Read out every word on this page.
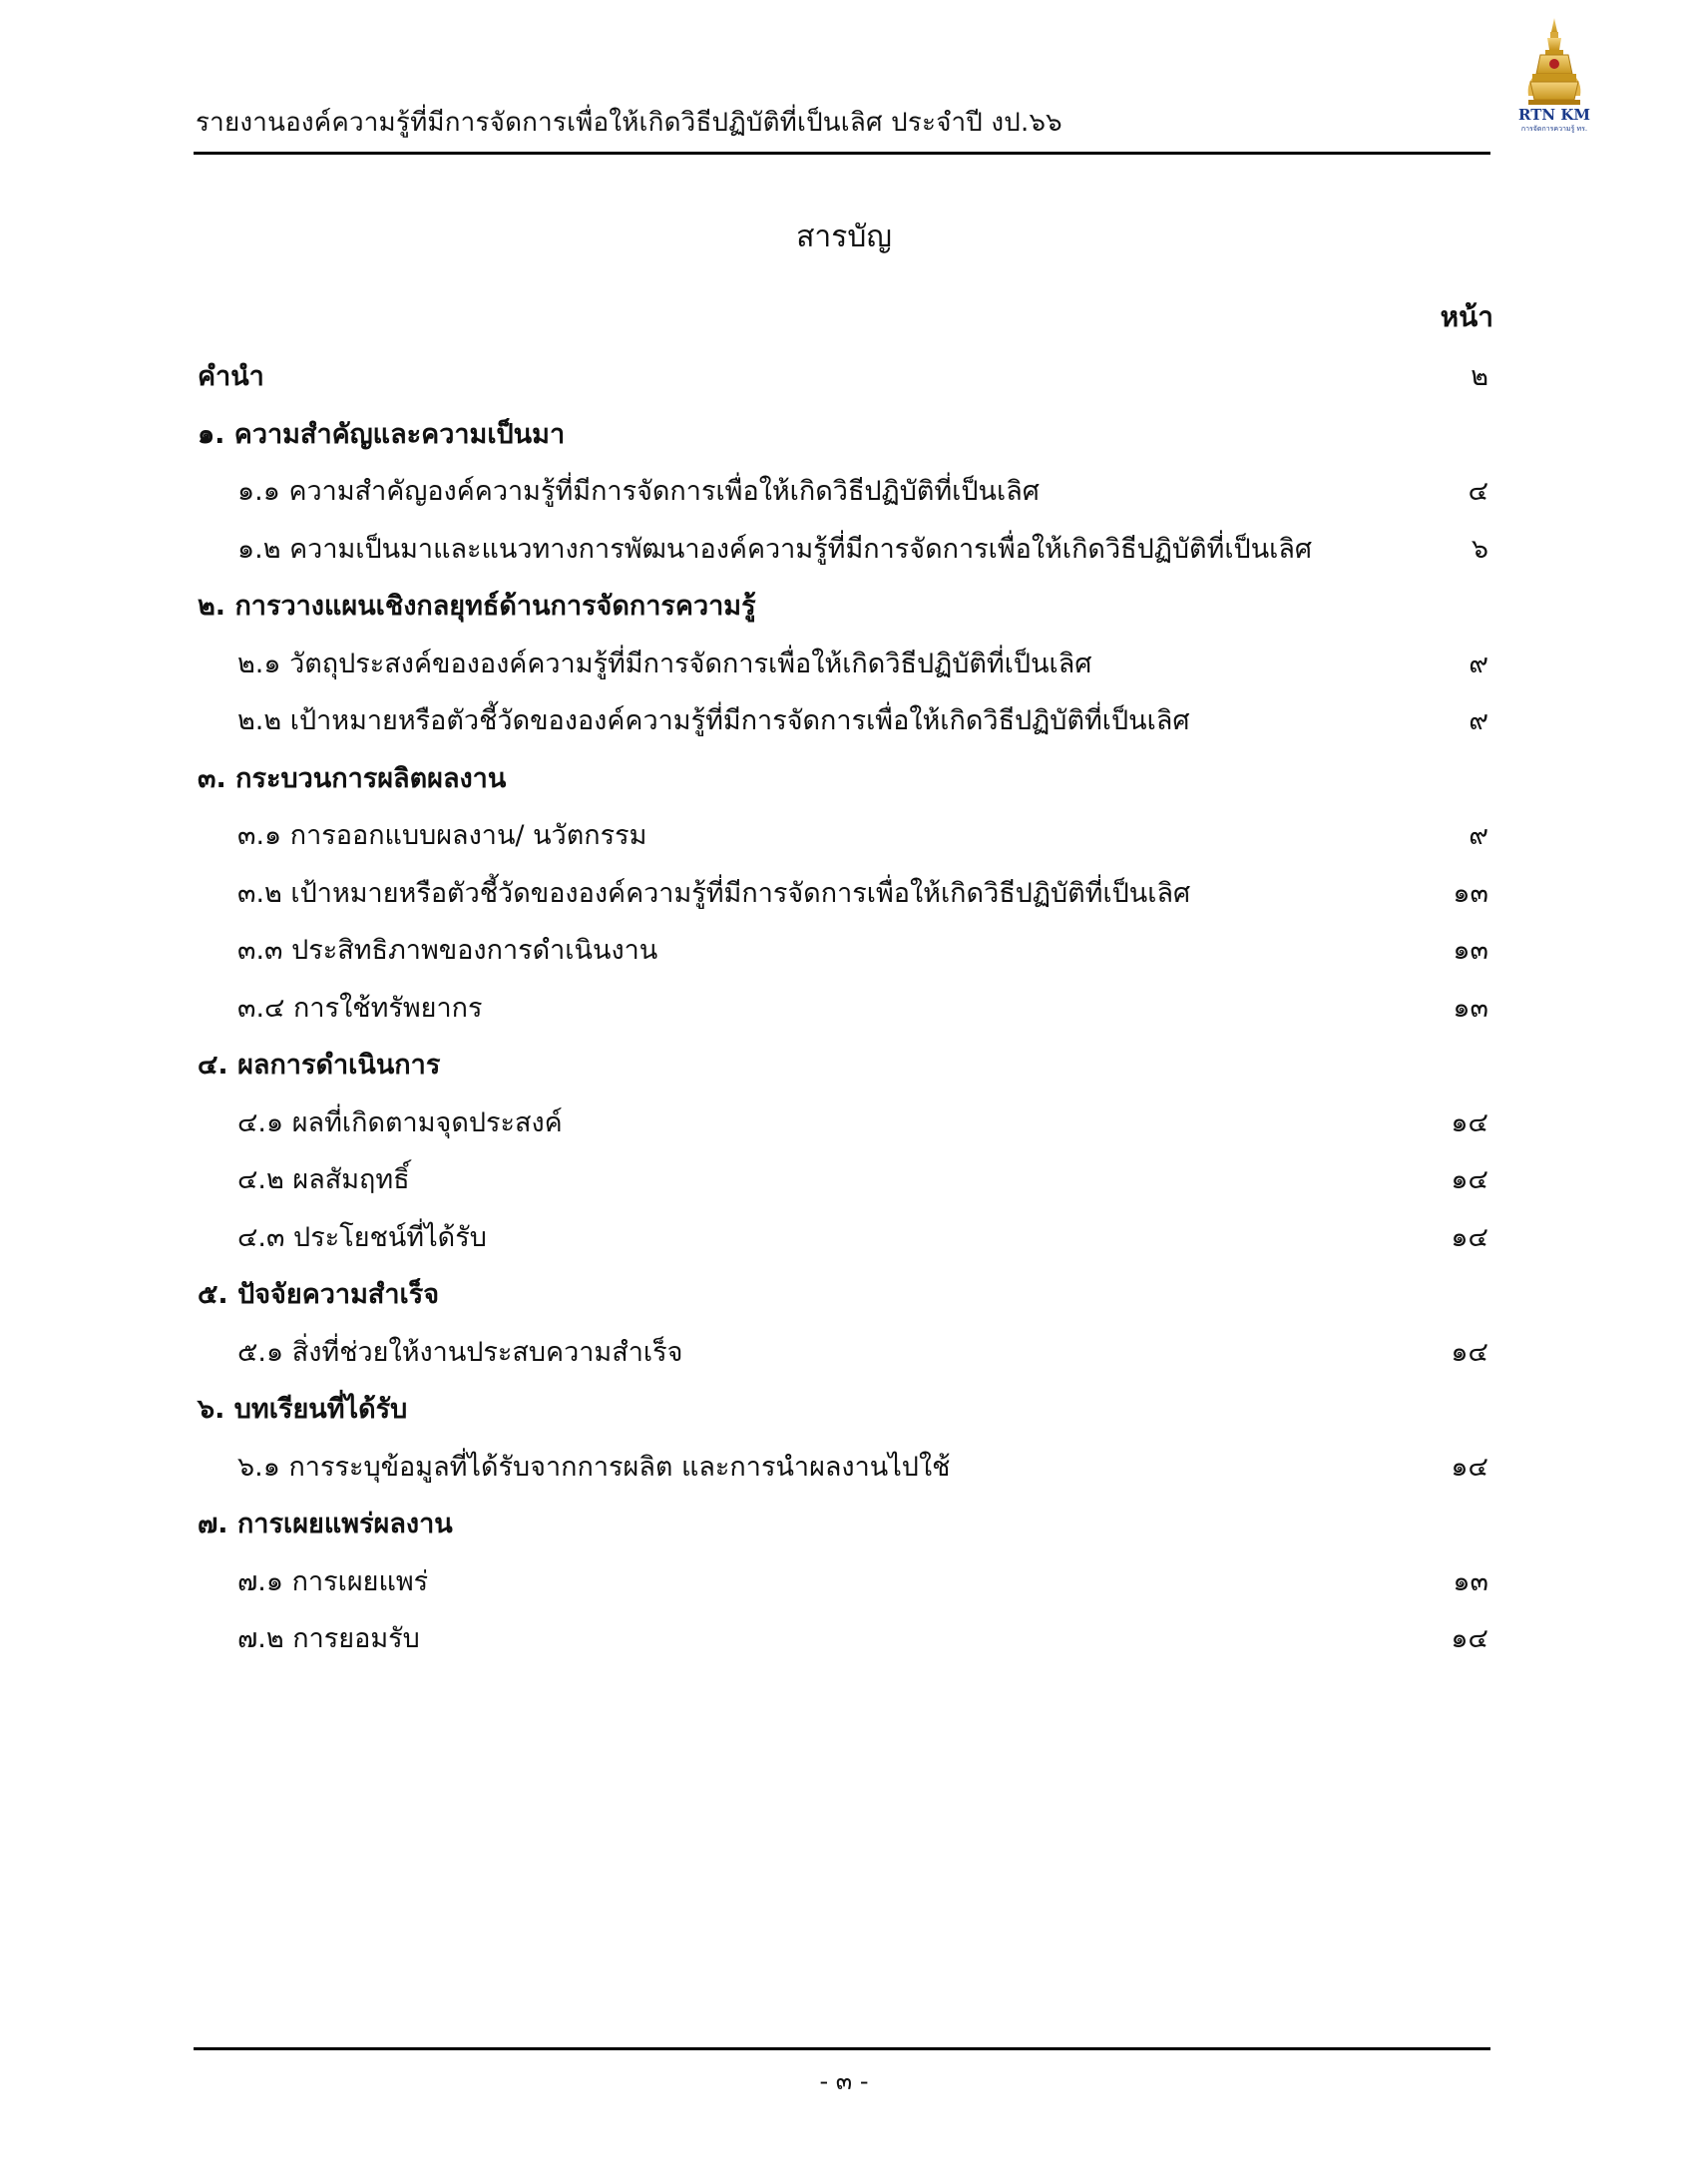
รายงานองค์ความรู้ที่มีการจัดการเพื่อให้เกิดวิธีปฏิบัติที่เป็นเลิศ ประจำปี งป.๖๖	RTN KM
การจัดการความรู้ ทร.
สารบัญ
หน้า
คำนำ	๒
๑. ความสำคัญและความเป็นมา
๑.๑ ความสำคัญองค์ความรู้ที่มีการจัดการเพื่อให้เกิดวิธีปฏิบัติที่เป็นเลิศ	๔
๑.๒ ความเป็นมาและแนวทางการพัฒนาองค์ความรู้ที่มีการจัดการเพื่อให้เกิดวิธีปฏิบัติที่เป็นเลิศ	๖
๒. การวางแผนเชิงกลยุทธ์ด้านการจัดการความรู้
๒.๑ วัตถุประสงค์ขององค์ความรู้ที่มีการจัดการเพื่อให้เกิดวิธีปฏิบัติที่เป็นเลิศ	๙
๒.๒ เป้าหมายหรือตัวชี้วัดขององค์ความรู้ที่มีการจัดการเพื่อให้เกิดวิธีปฏิบัติที่เป็นเลิศ	๙
๓. กระบวนการผลิตผลงาน
๓.๑ การออกแบบผลงาน/ นวัตกรรม	๙
๓.๒ เป้าหมายหรือตัวชี้วัดขององค์ความรู้ที่มีการจัดการเพื่อให้เกิดวิธีปฏิบัติที่เป็นเลิศ	๑๓
๓.๓ ประสิทธิภาพของการดำเนินงาน	๑๓
๓.๔ การใช้ทรัพยากร	๑๓
๔. ผลการดำเนินการ
๔.๑ ผลที่เกิดตามจุดประสงค์	๑๔
๔.๒ ผลสัมฤทธิ์	๑๔
๔.๓ ประโยชน์ที่ได้รับ	๑๔
๕. ปัจจัยความสำเร็จ
๕.๑ สิ่งที่ช่วยให้งานประสบความสำเร็จ	๑๔
๖. บทเรียนที่ได้รับ
๖.๑ การระบุข้อมูลที่ได้รับจากการผลิต และการนำผลงานไปใช้	๑๔
๗. การเผยแพร่ผลงาน
๗.๑ การเผยแพร่	๑๓
๗.๒ การยอมรับ	๑๔
- ๓ -
